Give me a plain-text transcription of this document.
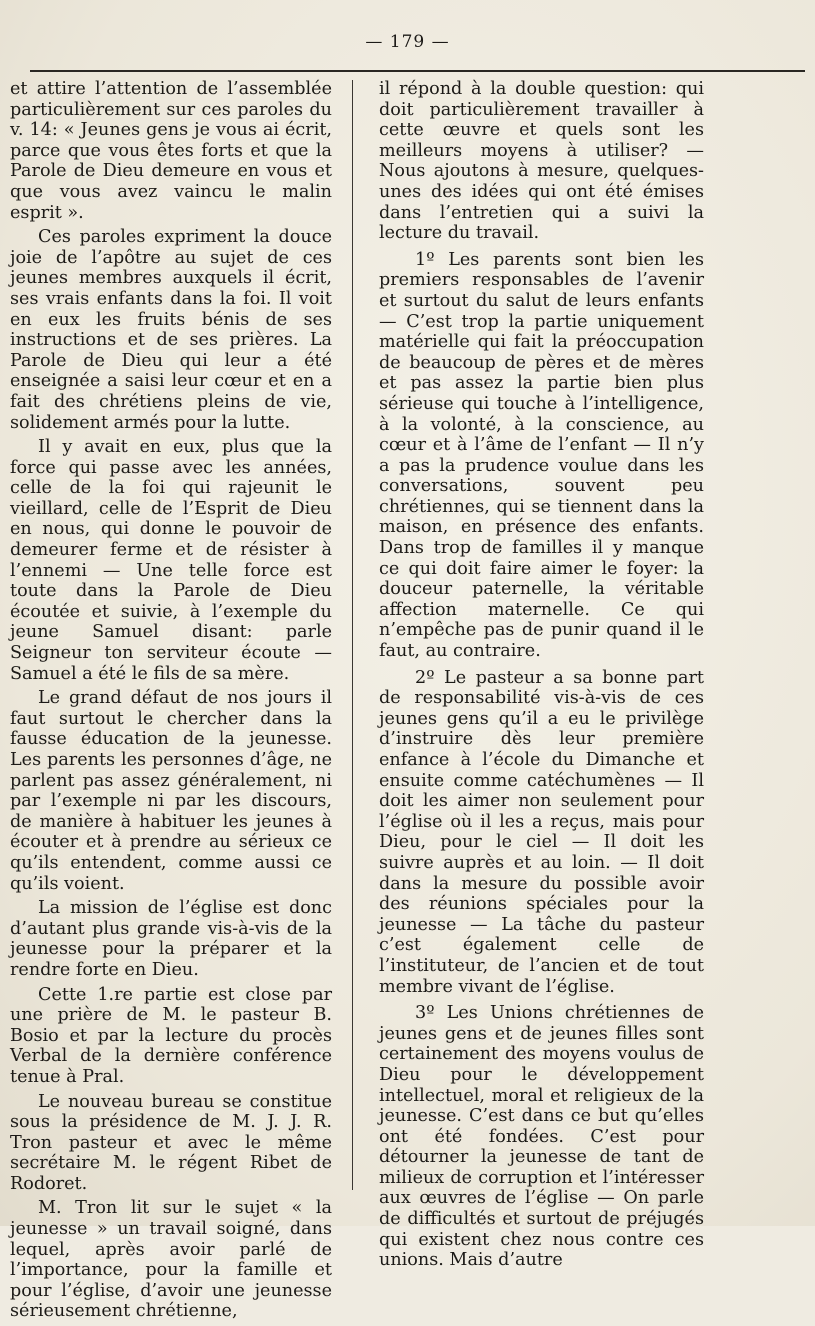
— 179 —

et attire l’attention de l’assemblée particulièrement sur ces paroles du v. 14: « Jeunes gens je vous ai écrit, parce que vous êtes forts et que la Parole de Dieu demeure en vous et que vous avez vaincu le malin esprit ».

Ces paroles expriment la douce joie de l’apôtre au sujet de ces jeunes membres auxquels il écrit, ses vrais enfants dans la foi. Il voit en eux les fruits bénis de ses instructions et de ses prières. La Parole de Dieu qui leur a été enseignée a saisi leur cœur et en a fait des chrétiens pleins de vie, solidement armés pour la lutte.

Il y avait en eux, plus que la force qui passe avec les années, celle de la foi qui rajeunit le vieillard, celle de l’Esprit de Dieu en nous, qui donne le pouvoir de demeurer ferme et de résister à l’ennemi — Une telle force est toute dans la Parole de Dieu écoutée et suivie, à l’exemple du jeune Samuel disant: parle Seigneur ton serviteur écoute — Samuel a été le fils de sa mère.

Le grand défaut de nos jours il faut surtout le chercher dans la fausse éducation de la jeunesse. Les parents les personnes d’âge, ne parlent pas assez généralement, ni par l’exemple ni par les discours, de manière à habituer les jeunes à écouter et à prendre au sérieux ce qu’ils entendent, comme aussi ce qu’ils voient.

La mission de l’église est donc d’autant plus grande vis-à-vis de la jeunesse pour la préparer et la rendre forte en Dieu.

Cette 1.re partie est close par une prière de M. le pasteur B. Bosio et par la lecture du procès Verbal de la dernière conférence tenue à Pral.

Le nouveau bureau se constitue sous la présidence de M. J. J. R. Tron pasteur et avec le même secrétaire M. le régent Ribet de Rodoret.

M. Tron lit sur le sujet « la jeunesse » un travail soigné, dans lequel, après avoir parlé de l’importance, pour la famille et pour l’église, d’avoir une jeunesse sérieusement chrétienne,

il répond à la double question: qui doit particulièrement travailler à cette œuvre et quels sont les meilleurs moyens à utiliser? — Nous ajoutons à mesure, quelques-unes des idées qui ont été émises dans l’entretien qui a suivi la lecture du travail.

1º Les parents sont bien les premiers responsables de l’avenir et surtout du salut de leurs enfants — C’est trop la partie uniquement matérielle qui fait la préoccupation de beaucoup de pères et de mères et pas assez la partie bien plus sérieuse qui touche à l’intelligence, à la volonté, à la conscience, au cœur et à l’âme de l’enfant — Il n’y a pas la prudence voulue dans les conversations, souvent peu chrétiennes, qui se tiennent dans la maison, en présence des enfants. Dans trop de familles il y manque ce qui doit faire aimer le foyer: la douceur paternelle, la véritable affection maternelle. Ce qui n’empêche pas de punir quand il le faut, au contraire.

2º Le pasteur a sa bonne part de responsabilité vis-à-vis de ces jeunes gens qu’il a eu le privilège d’instruire dès leur première enfance à l’école du Dimanche et ensuite comme catéchumènes — Il doit les aimer non seulement pour l’église où il les a reçus, mais pour Dieu, pour le ciel — Il doit les suivre auprès et au loin. — Il doit dans la mesure du possible avoir des réunions spéciales pour la jeunesse — La tâche du pasteur c’est également celle de l’instituteur, de l’ancien et de tout membre vivant de l’église.

3º Les Unions chrétiennes de jeunes gens et de jeunes filles sont certainement des moyens voulus de Dieu pour le développement intellectuel, moral et religieux de la jeunesse. C’est dans ce but qu’elles ont été fondées. C’est pour détourner la jeunesse de tant de milieux de corruption et l’intéresser aux œuvres de l’église — On parle de difficultés et surtout de préjugés qui existent chez nous contre ces unions. Mais d’autre
